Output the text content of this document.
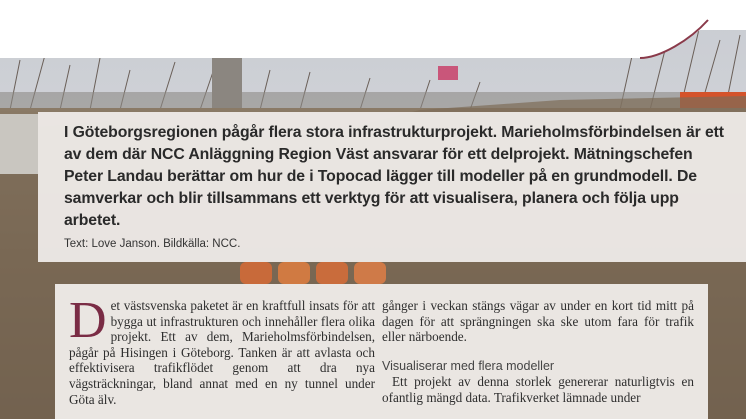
I Göteborgsregionen pågår flera stora infrastrukturprojekt. Marieholmsförbindelsen är ett av dem där NCC Anläggning Region Väst ansvarar för ett delprojekt. Mätningschefen Peter Landau berättar om hur de i Topocad lägger till modeller på en grundmodell. De samverkar och blir tillsammans ett verktyg för att visualisera, planera och följa upp arbetet.

Text: Love Janson. Bildkälla: NCC.
D et västsvenska paketet är en kraftfull insats för att bygga ut infrastrukturen och innehåller flera olika projekt. Ett av dem, Marieholmsförbindelsen, pågår på Hisingen i Göteborg. Tanken är att avlasta och effektivisera trafikflödet genom att dra nya vägsträckningar, bland annat med en ny tunnel under Göta älv.

gånger i veckan stängs vägar av under en kort tid mitt på dagen för att sprängningen ska ske utom fara för trafik eller närboende.

Visualiserar med flera modeller

Ett projekt av denna storlek genererar naturligtvis en ofantlig mängd data. Trafikverket lämnade under
